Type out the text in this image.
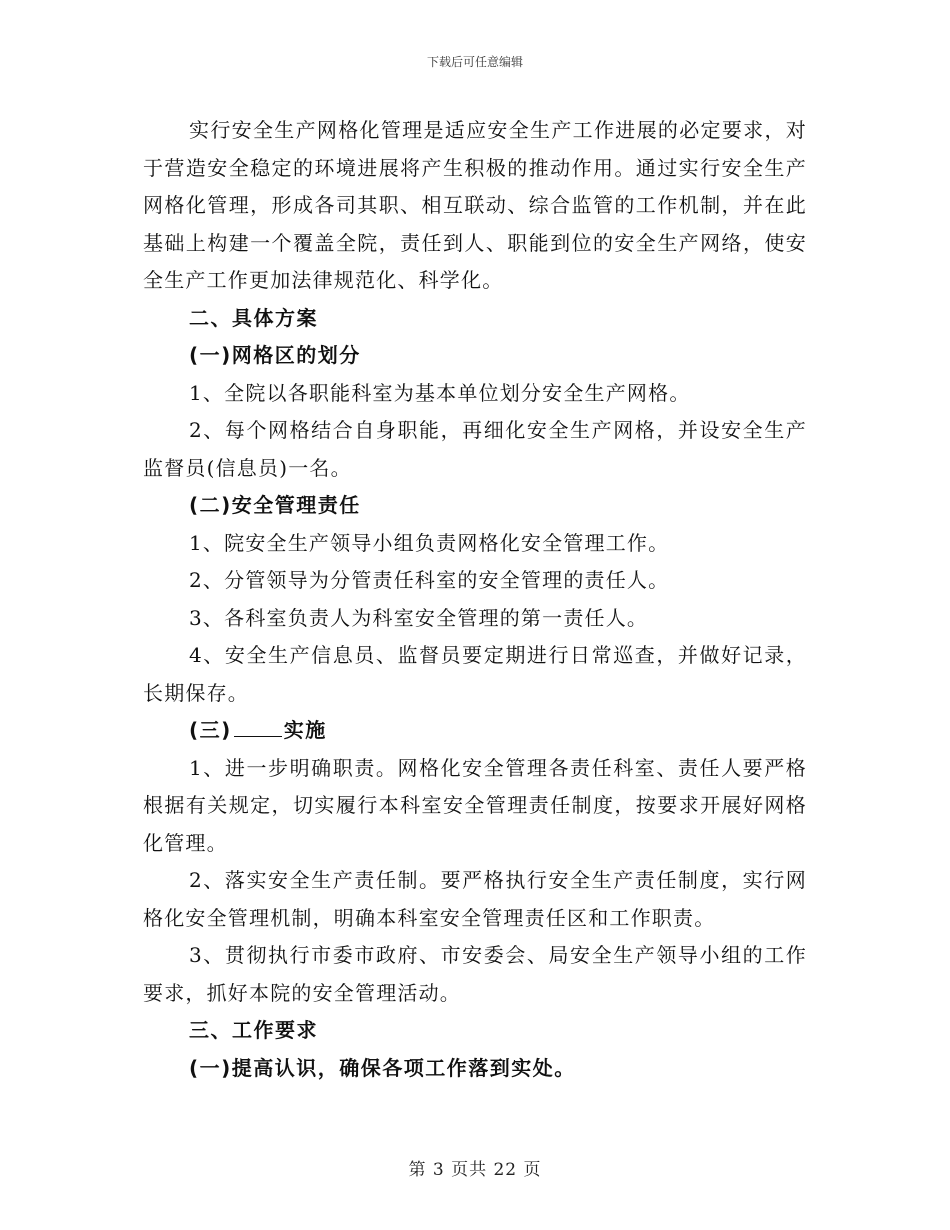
下载后可任意编辑

实行安全生产网格化管理是适应安全生产工作进展的必定要求，对于营造安全稳定的环境进展将产生积极的推动作用。通过实行安全生产网格化管理，形成各司其职、相互联动、综合监管的工作机制，并在此基础上构建一个覆盖全院，责任到人、职能到位的安全生产网络，使安全生产工作更加法律规范化、科学化。

二、具体方案

(一)网格区的划分

1、全院以各职能科室为基本单位划分安全生产网格。

2、每个网格结合自身职能，再细化安全生产网格，并设安全生产监督员(信息员)一名。

(二)安全管理责任

1、院安全生产领导小组负责网格化安全管理工作。

2、分管领导为分管责任科室的安全管理的责任人。

3、各科室负责人为科室安全管理的第一责任人。

4、安全生产信息员、监督员要定期进行日常巡查，并做好记录，长期保存。

(三)	实施

1、进一步明确职责。网格化安全管理各责任科室、责任人要严格根据有关规定，切实履行本科室安全管理责任制度，按要求开展好网格化管理。

2、落实安全生产责任制。要严格执行安全生产责任制度，实行网格化安全管理机制，明确本科室安全管理责任区和工作职责。

3、贯彻执行市委市政府、市安委会、局安全生产领导小组的工作要求，抓好本院的安全管理活动。

三、工作要求

(一)提高认识，确保各项工作落到实处。

第 3 页共 22 页
